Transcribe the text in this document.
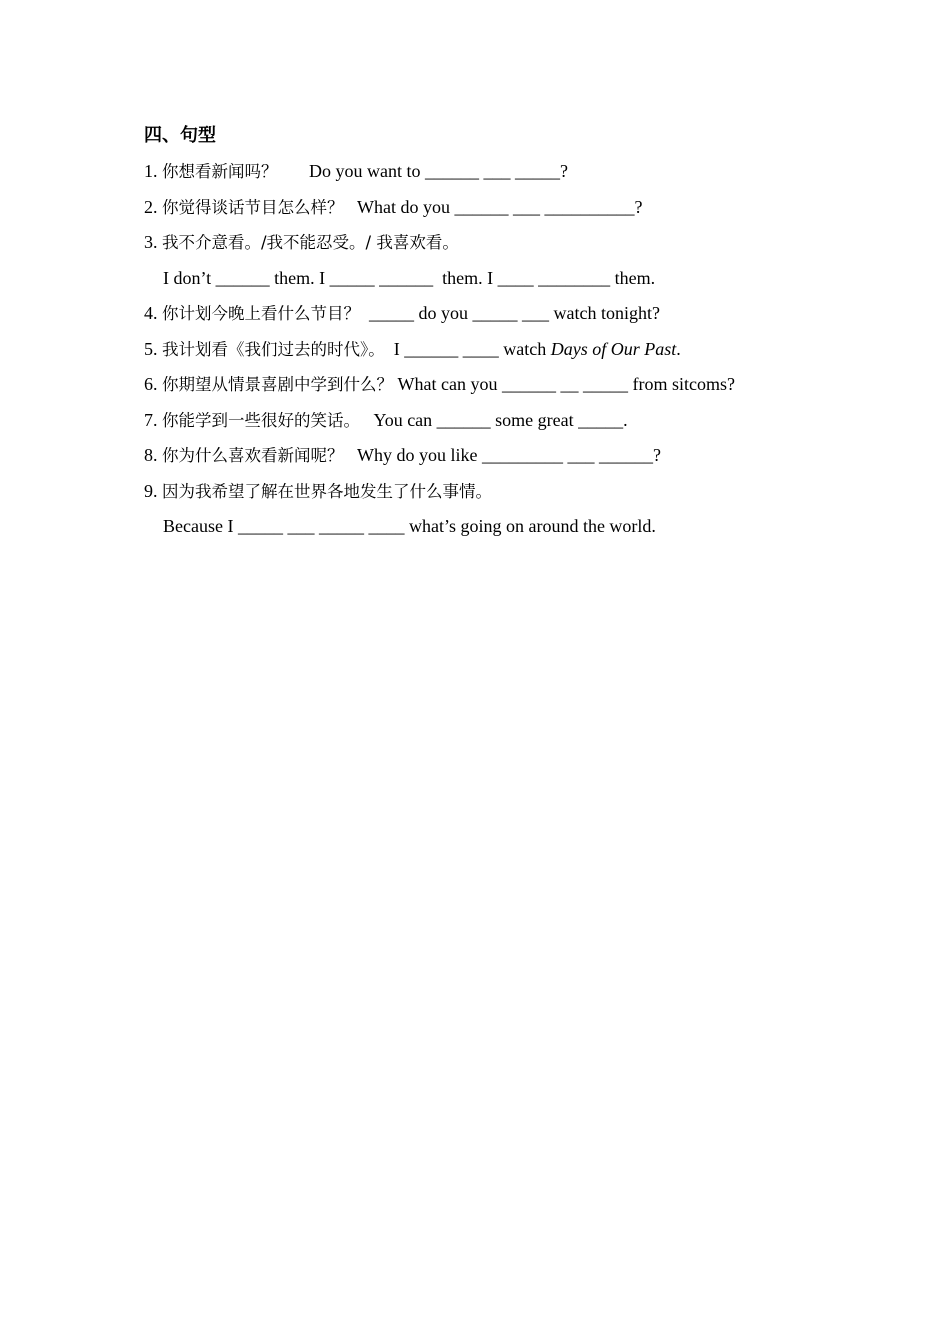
四、句型
1. 你想看新闻吗？ Do you want to ______ ___ _____?
2. 你觉得谈话节目怎么样？ What do you ______ ___ __________?
3. 我不介意看。/我不能忍受。/ 我喜欢看。
I don’t ______ them. I _____ ______  them. I ____ ________ them.
4. 你计划今晚上看什么节目？ _____ do you _____ ___ watch tonight?
5. 我计划看《我们过去的时代》。 I ______ ____ watch Days of Our Past.
6. 你期望从情景喜剧中学到什么？ What can you ______ __ _____ from sitcoms?
7. 你能学到一些很好的笑话。 You can ______ some great _____.
8. 你为什么喜欢看新闻呢？ Why do you like _________ ___ ______?
9. 因为我希望了解在世界各地发生了什么事情。
Because I _____ ___ _____ ____ what’s going on around the world.
